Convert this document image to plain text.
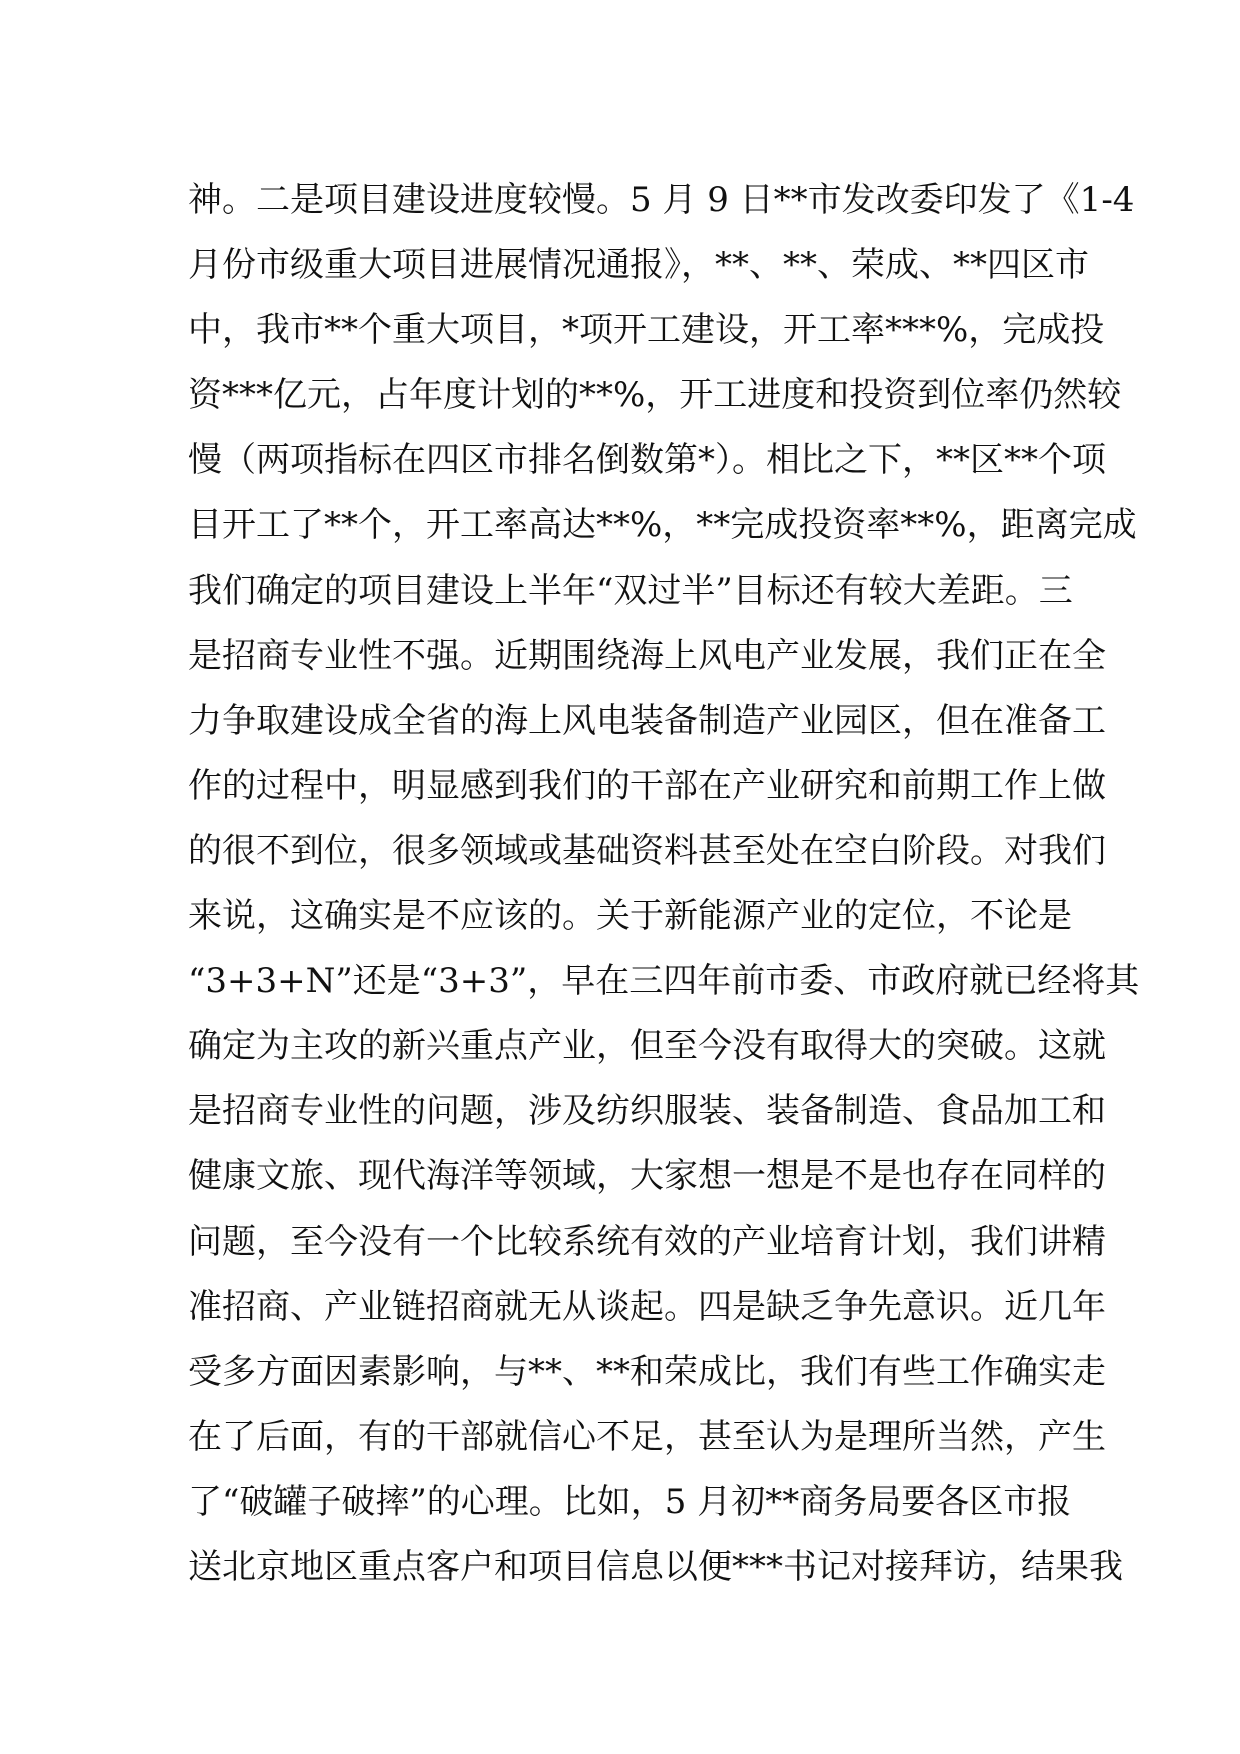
神。二是项目建设进度较慢。5 月 9 日**市发改委印发了《1-4
月份市级重大项目进展情况通报》，**、**、荣成、**四区市
中，我市**个重大项目，*项开工建设，开工率***%，完成投
资***亿元，占年度计划的**%，开工进度和投资到位率仍然较
慢（两项指标在四区市排名倒数第*）。相比之下，**区**个项
目开工了**个，开工率高达**%，**完成投资率**%，距离完成
我们确定的项目建设上半年“双过半”目标还有较大差距。三
是招商专业性不强。近期围绕海上风电产业发展，我们正在全
力争取建设成全省的海上风电装备制造产业园区，但在准备工
作的过程中，明显感到我们的干部在产业研究和前期工作上做
的很不到位，很多领域或基础资料甚至处在空白阶段。对我们
来说，这确实是不应该的。关于新能源产业的定位，不论是
“3+3+N”还是“3+3”，早在三四年前市委、市政府就已经将其
确定为主攻的新兴重点产业，但至今没有取得大的突破。这就
是招商专业性的问题，涉及纺织服装、装备制造、食品加工和
健康文旅、现代海洋等领域，大家想一想是不是也存在同样的
问题，至今没有一个比较系统有效的产业培育计划，我们讲精
准招商、产业链招商就无从谈起。四是缺乏争先意识。近几年
受多方面因素影响，与**、**和荣成比，我们有些工作确实走
在了后面，有的干部就信心不足，甚至认为是理所当然，产生
了“破罐子破摔”的心理。比如，5 月初**商务局要各区市报
送北京地区重点客户和项目信息以便***书记对接拜访，结果我
